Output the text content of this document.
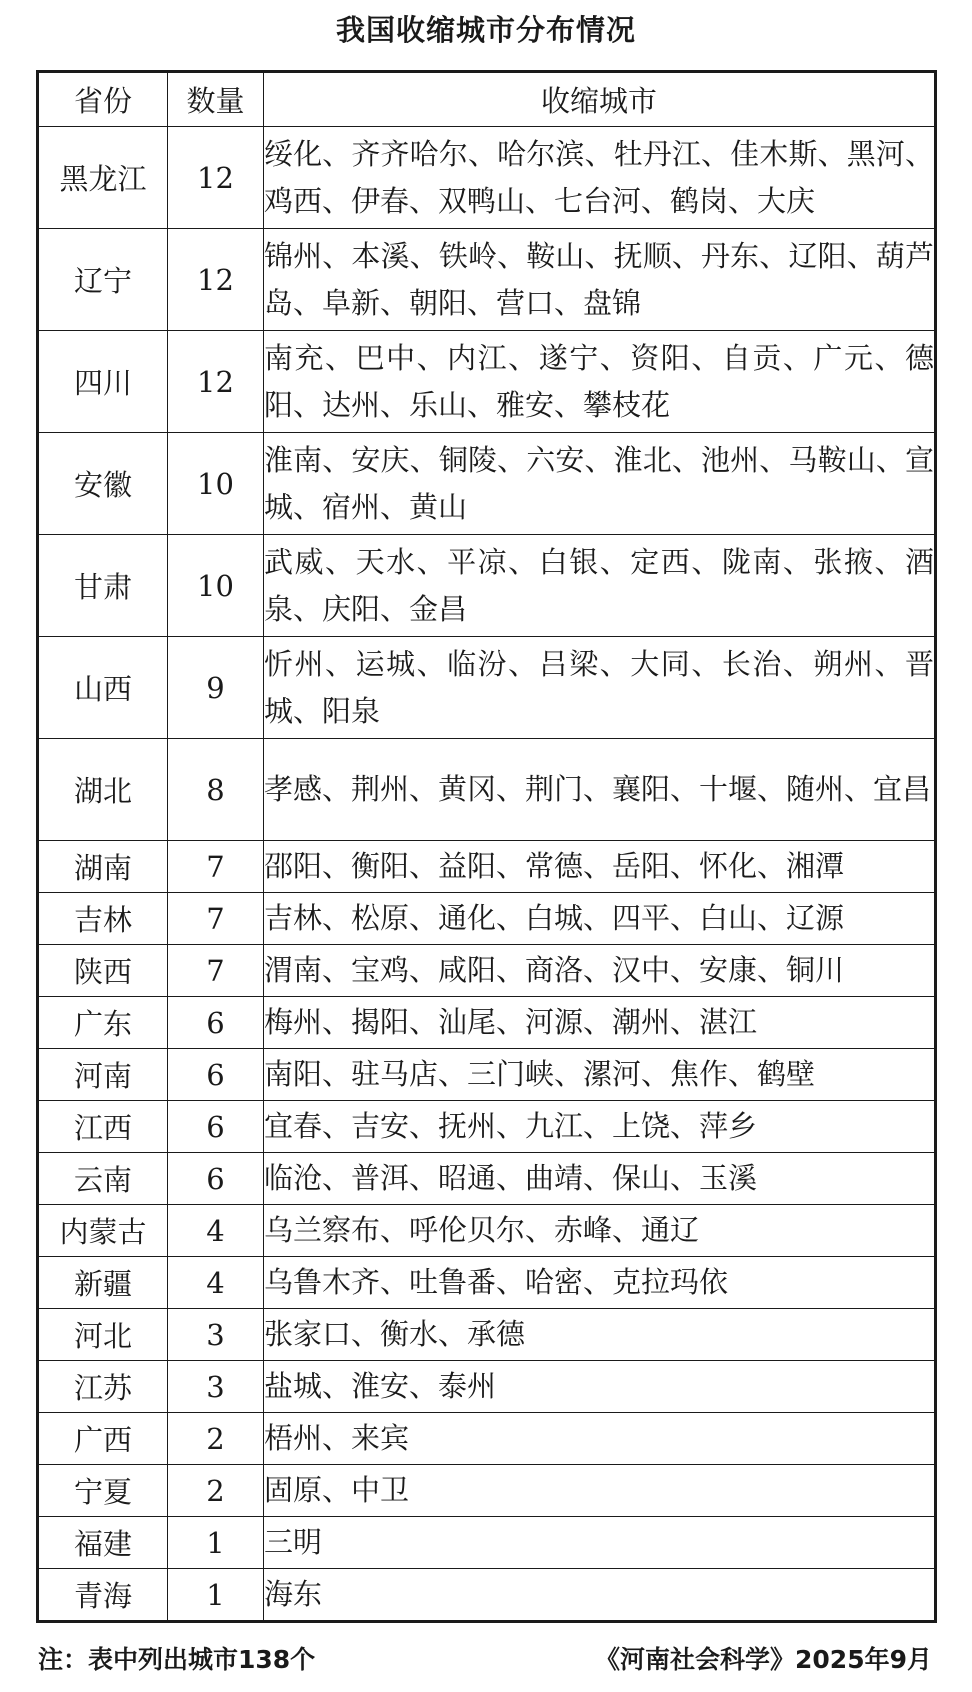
我国收缩城市分布情况
省份	数量	收缩城市
黑龙江	12	绥化、齐齐哈尔、哈尔滨、牡丹江、佳木斯、黑河、鸡西、伊春、双鸭山、七台河、鹤岗、大庆
辽宁	12	锦州、本溪、铁岭、鞍山、抚顺、丹东、辽阳、葫芦岛、阜新、朝阳、营口、盘锦
四川	12	南充、巴中、内江、遂宁、资阳、自贡、广元、德阳、达州、乐山、雅安、攀枝花
安徽	10	淮南、安庆、铜陵、六安、淮北、池州、马鞍山、宣城、宿州、黄山
甘肃	10	武威、天水、平凉、白银、定西、陇南、张掖、酒泉、庆阳、金昌
山西	9	忻州、运城、临汾、吕梁、大同、长治、朔州、晋城、阳泉
湖北	8	孝感、荆州、黄冈、荆门、襄阳、十堰、随州、宜昌
湖南	7	邵阳、衡阳、益阳、常德、岳阳、怀化、湘潭
吉林	7	吉林、松原、通化、白城、四平、白山、辽源
陕西	7	渭南、宝鸡、咸阳、商洛、汉中、安康、铜川
广东	6	梅州、揭阳、汕尾、河源、潮州、湛江
河南	6	南阳、驻马店、三门峡、漯河、焦作、鹤壁
江西	6	宜春、吉安、抚州、九江、上饶、萍乡
云南	6	临沧、普洱、昭通、曲靖、保山、玉溪
内蒙古	4	乌兰察布、呼伦贝尔、赤峰、通辽
新疆	4	乌鲁木齐、吐鲁番、哈密、克拉玛依
河北	3	张家口、衡水、承德
江苏	3	盐城、淮安、泰州
广西	2	梧州、来宾
宁夏	2	固原、中卫
福建	1	三明
青海	1	海东
注：表中列出城市138个	《河南社会科学》2025年9月
